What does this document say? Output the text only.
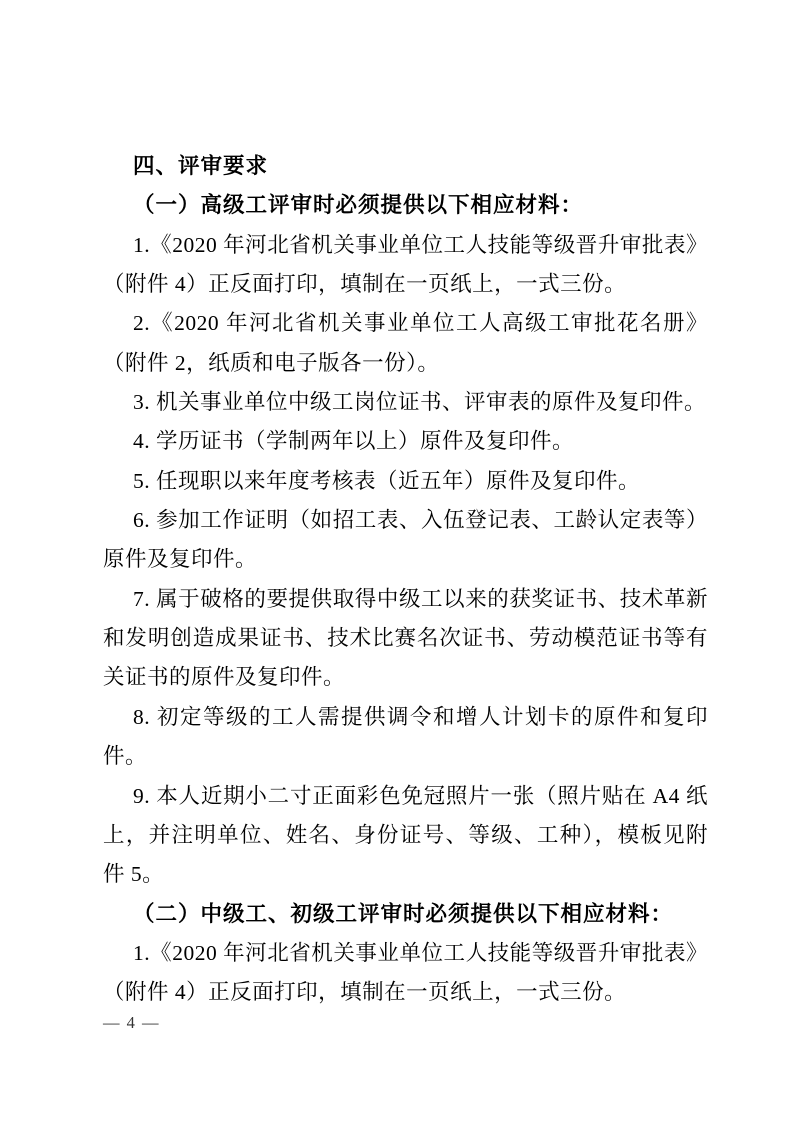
四、评审要求
（一）高级工评审时必须提供以下相应材料：

1.《2020 年河北省机关事业单位工人技能等级晋升审批表》（附件 4）正反面打印，填制在一页纸上，一式三份。

2.《2020 年河北省机关事业单位工人高级工审批花名册》（附件 2，纸质和电子版各一份）。

3. 机关事业单位中级工岗位证书、评审表的原件及复印件。

4. 学历证书（学制两年以上）原件及复印件。

5. 任现职以来年度考核表（近五年）原件及复印件。

6. 参加工作证明（如招工表、入伍登记表、工龄认定表等）原件及复印件。

7. 属于破格的要提供取得中级工以来的获奖证书、技术革新和发明创造成果证书、技术比赛名次证书、劳动模范证书等有关证书的原件及复印件。

8. 初定等级的工人需提供调令和增人计划卡的原件和复印件。

9. 本人近期小二寸正面彩色免冠照片一张（照片贴在 A4 纸上，并注明单位、姓名、身份证号、等级、工种），模板见附件 5。

（二）中级工、初级工评审时必须提供以下相应材料：

1.《2020 年河北省机关事业单位工人技能等级晋升审批表》（附件 4）正反面打印，填制在一页纸上，一式三份。

— 4 —
